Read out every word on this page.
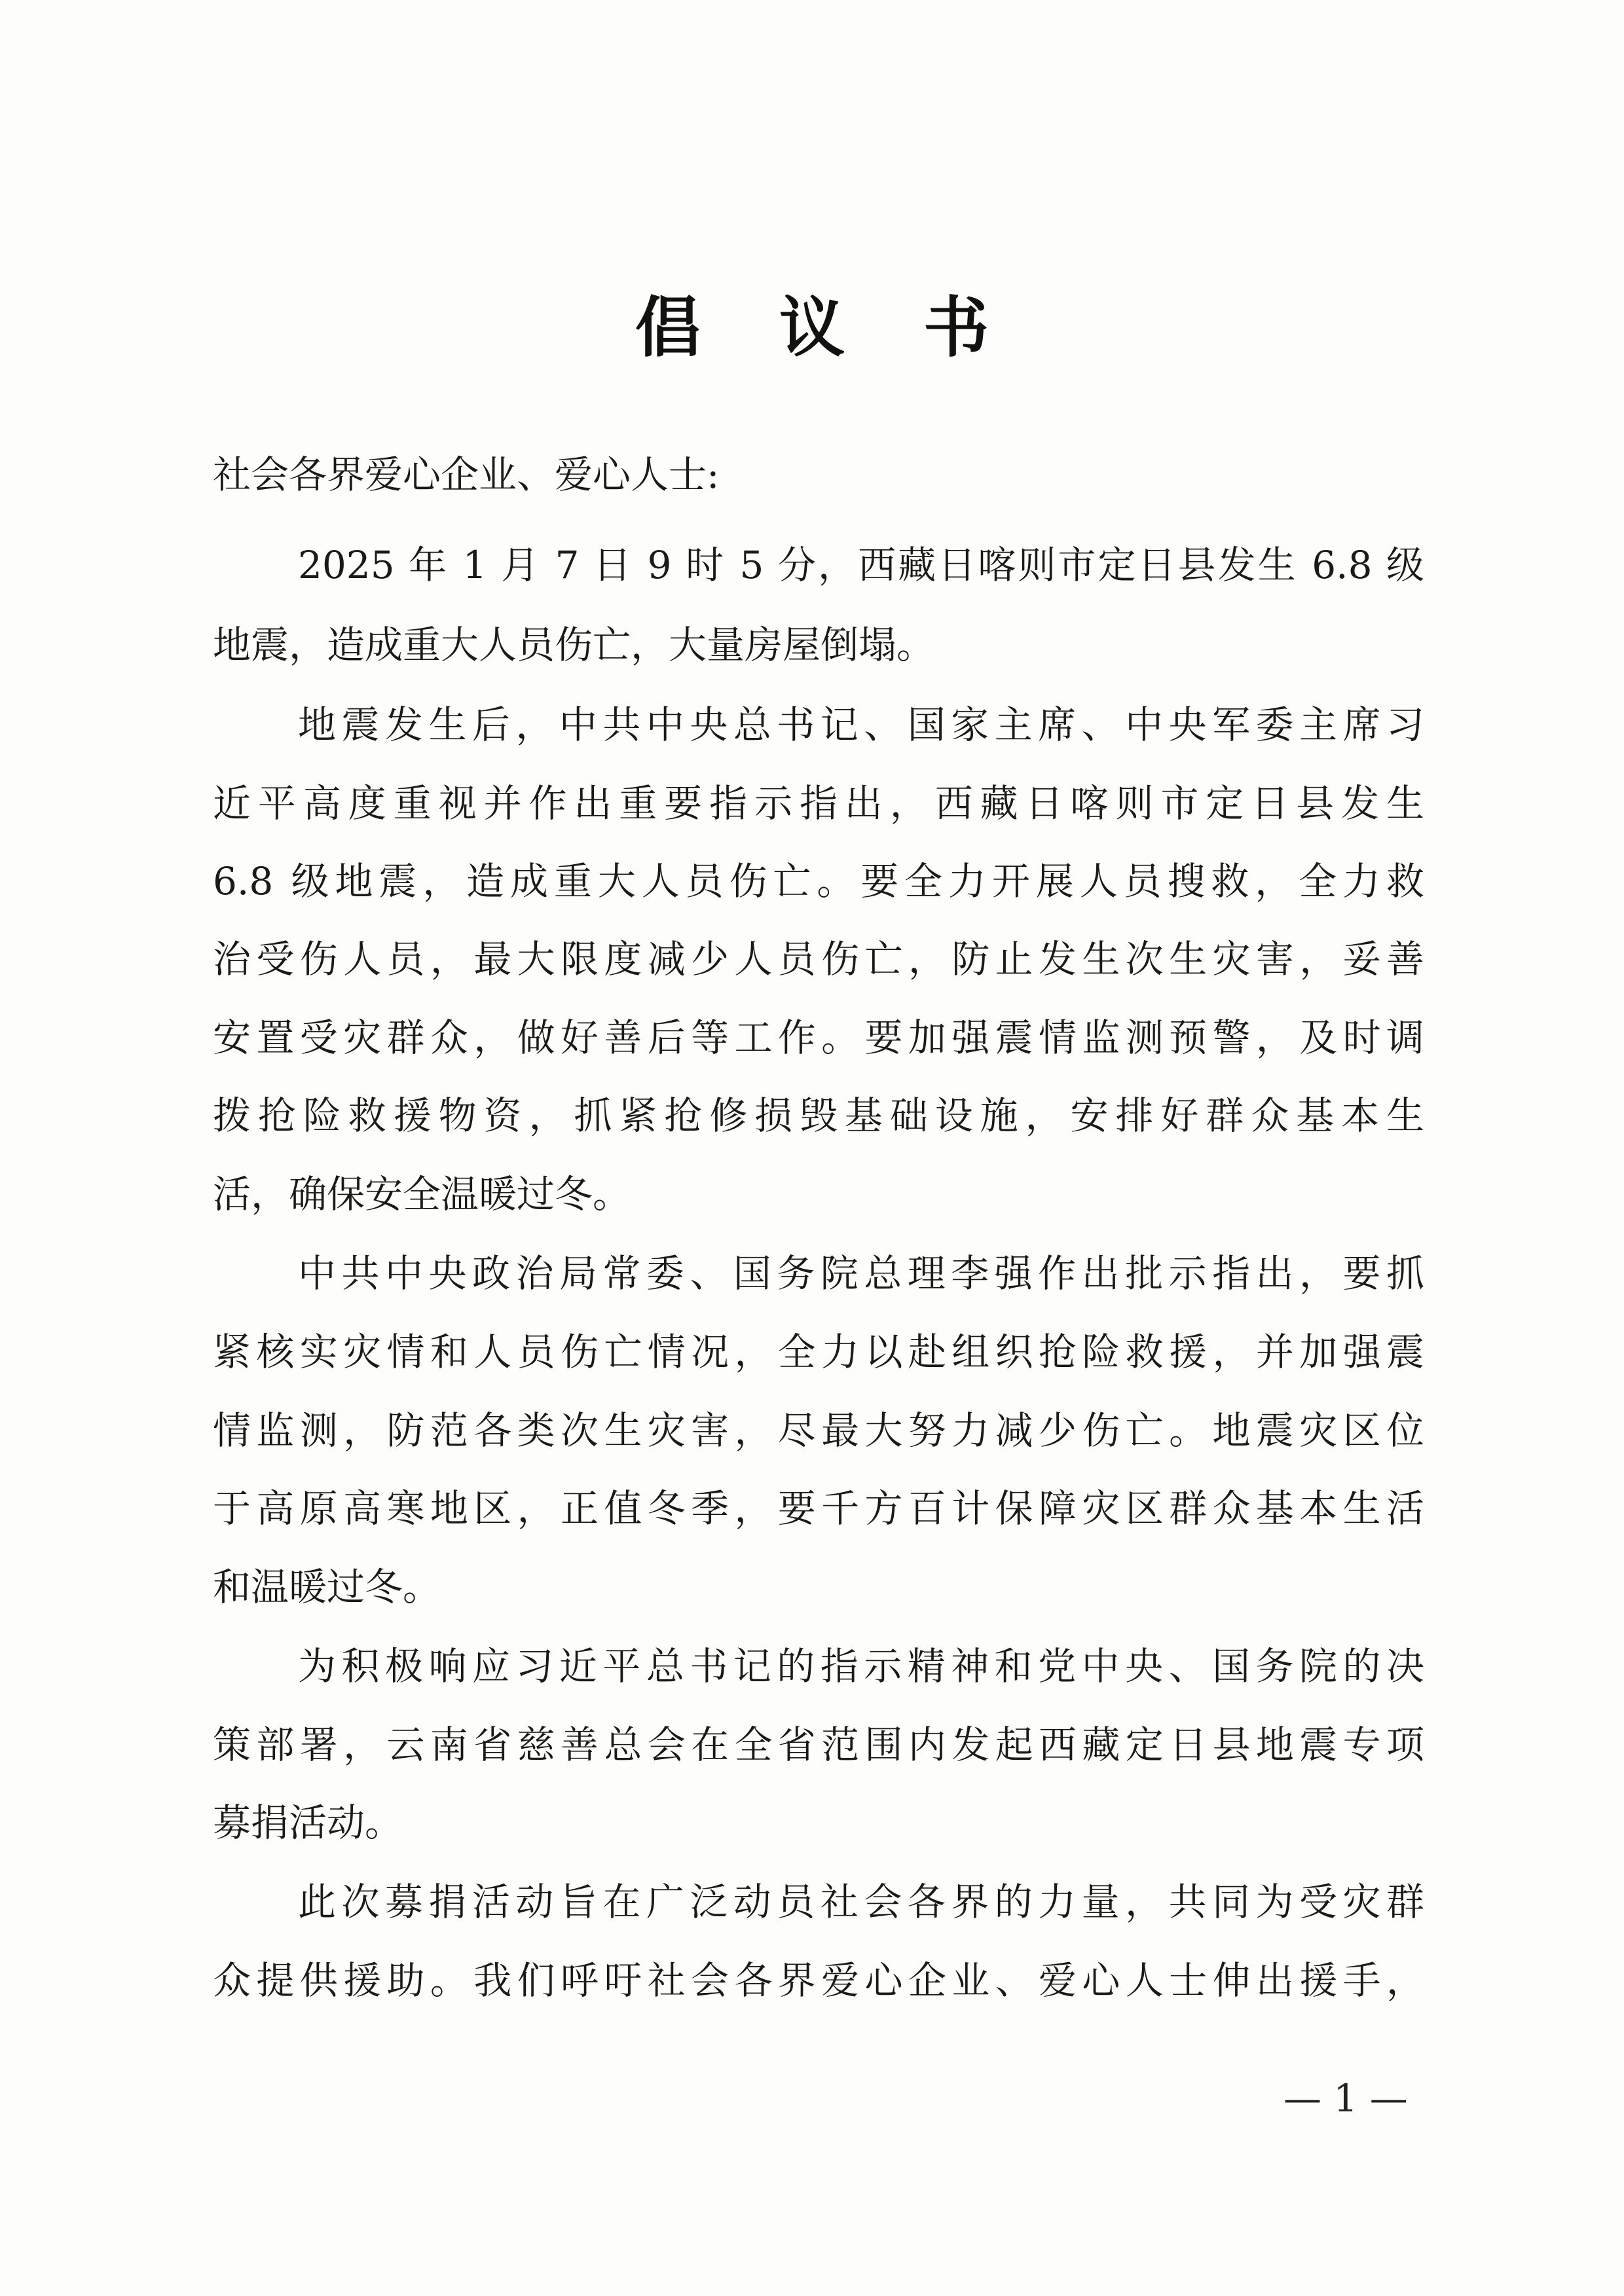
倡议书
社会各界爱心企业、爱心人士:
2025 年 1 月 7 日 9 时 5 分，西藏日喀则市定日县发生 6.8 级
地震，造成重大人员伤亡，大量房屋倒塌。
地震发生后，中共中央总书记、国家主席、中央军委主席习
近平高度重视并作出重要指示指出，西藏日喀则市定日县发生
6.8 级地震，造成重大人员伤亡。要全力开展人员搜救，全力救
治受伤人员，最大限度减少人员伤亡，防止发生次生灾害，妥善
安置受灾群众，做好善后等工作。要加强震情监测预警，及时调
拨抢险救援物资，抓紧抢修损毁基础设施，安排好群众基本生
活，确保安全温暖过冬。
中共中央政治局常委、国务院总理李强作出批示指出，要抓
紧核实灾情和人员伤亡情况，全力以赴组织抢险救援，并加强震
情监测，防范各类次生灾害，尽最大努力减少伤亡。地震灾区位
于高原高寒地区，正值冬季，要千方百计保障灾区群众基本生活
和温暖过冬。
为积极响应习近平总书记的指示精神和党中央、国务院的决
策部署，云南省慈善总会在全省范围内发起西藏定日县地震专项
募捐活动。
此次募捐活动旨在广泛动员社会各界的力量，共同为受灾群
众提供援助。我们呼吁社会各界爱心企业、爱心人士伸出援手，
— 1 —
